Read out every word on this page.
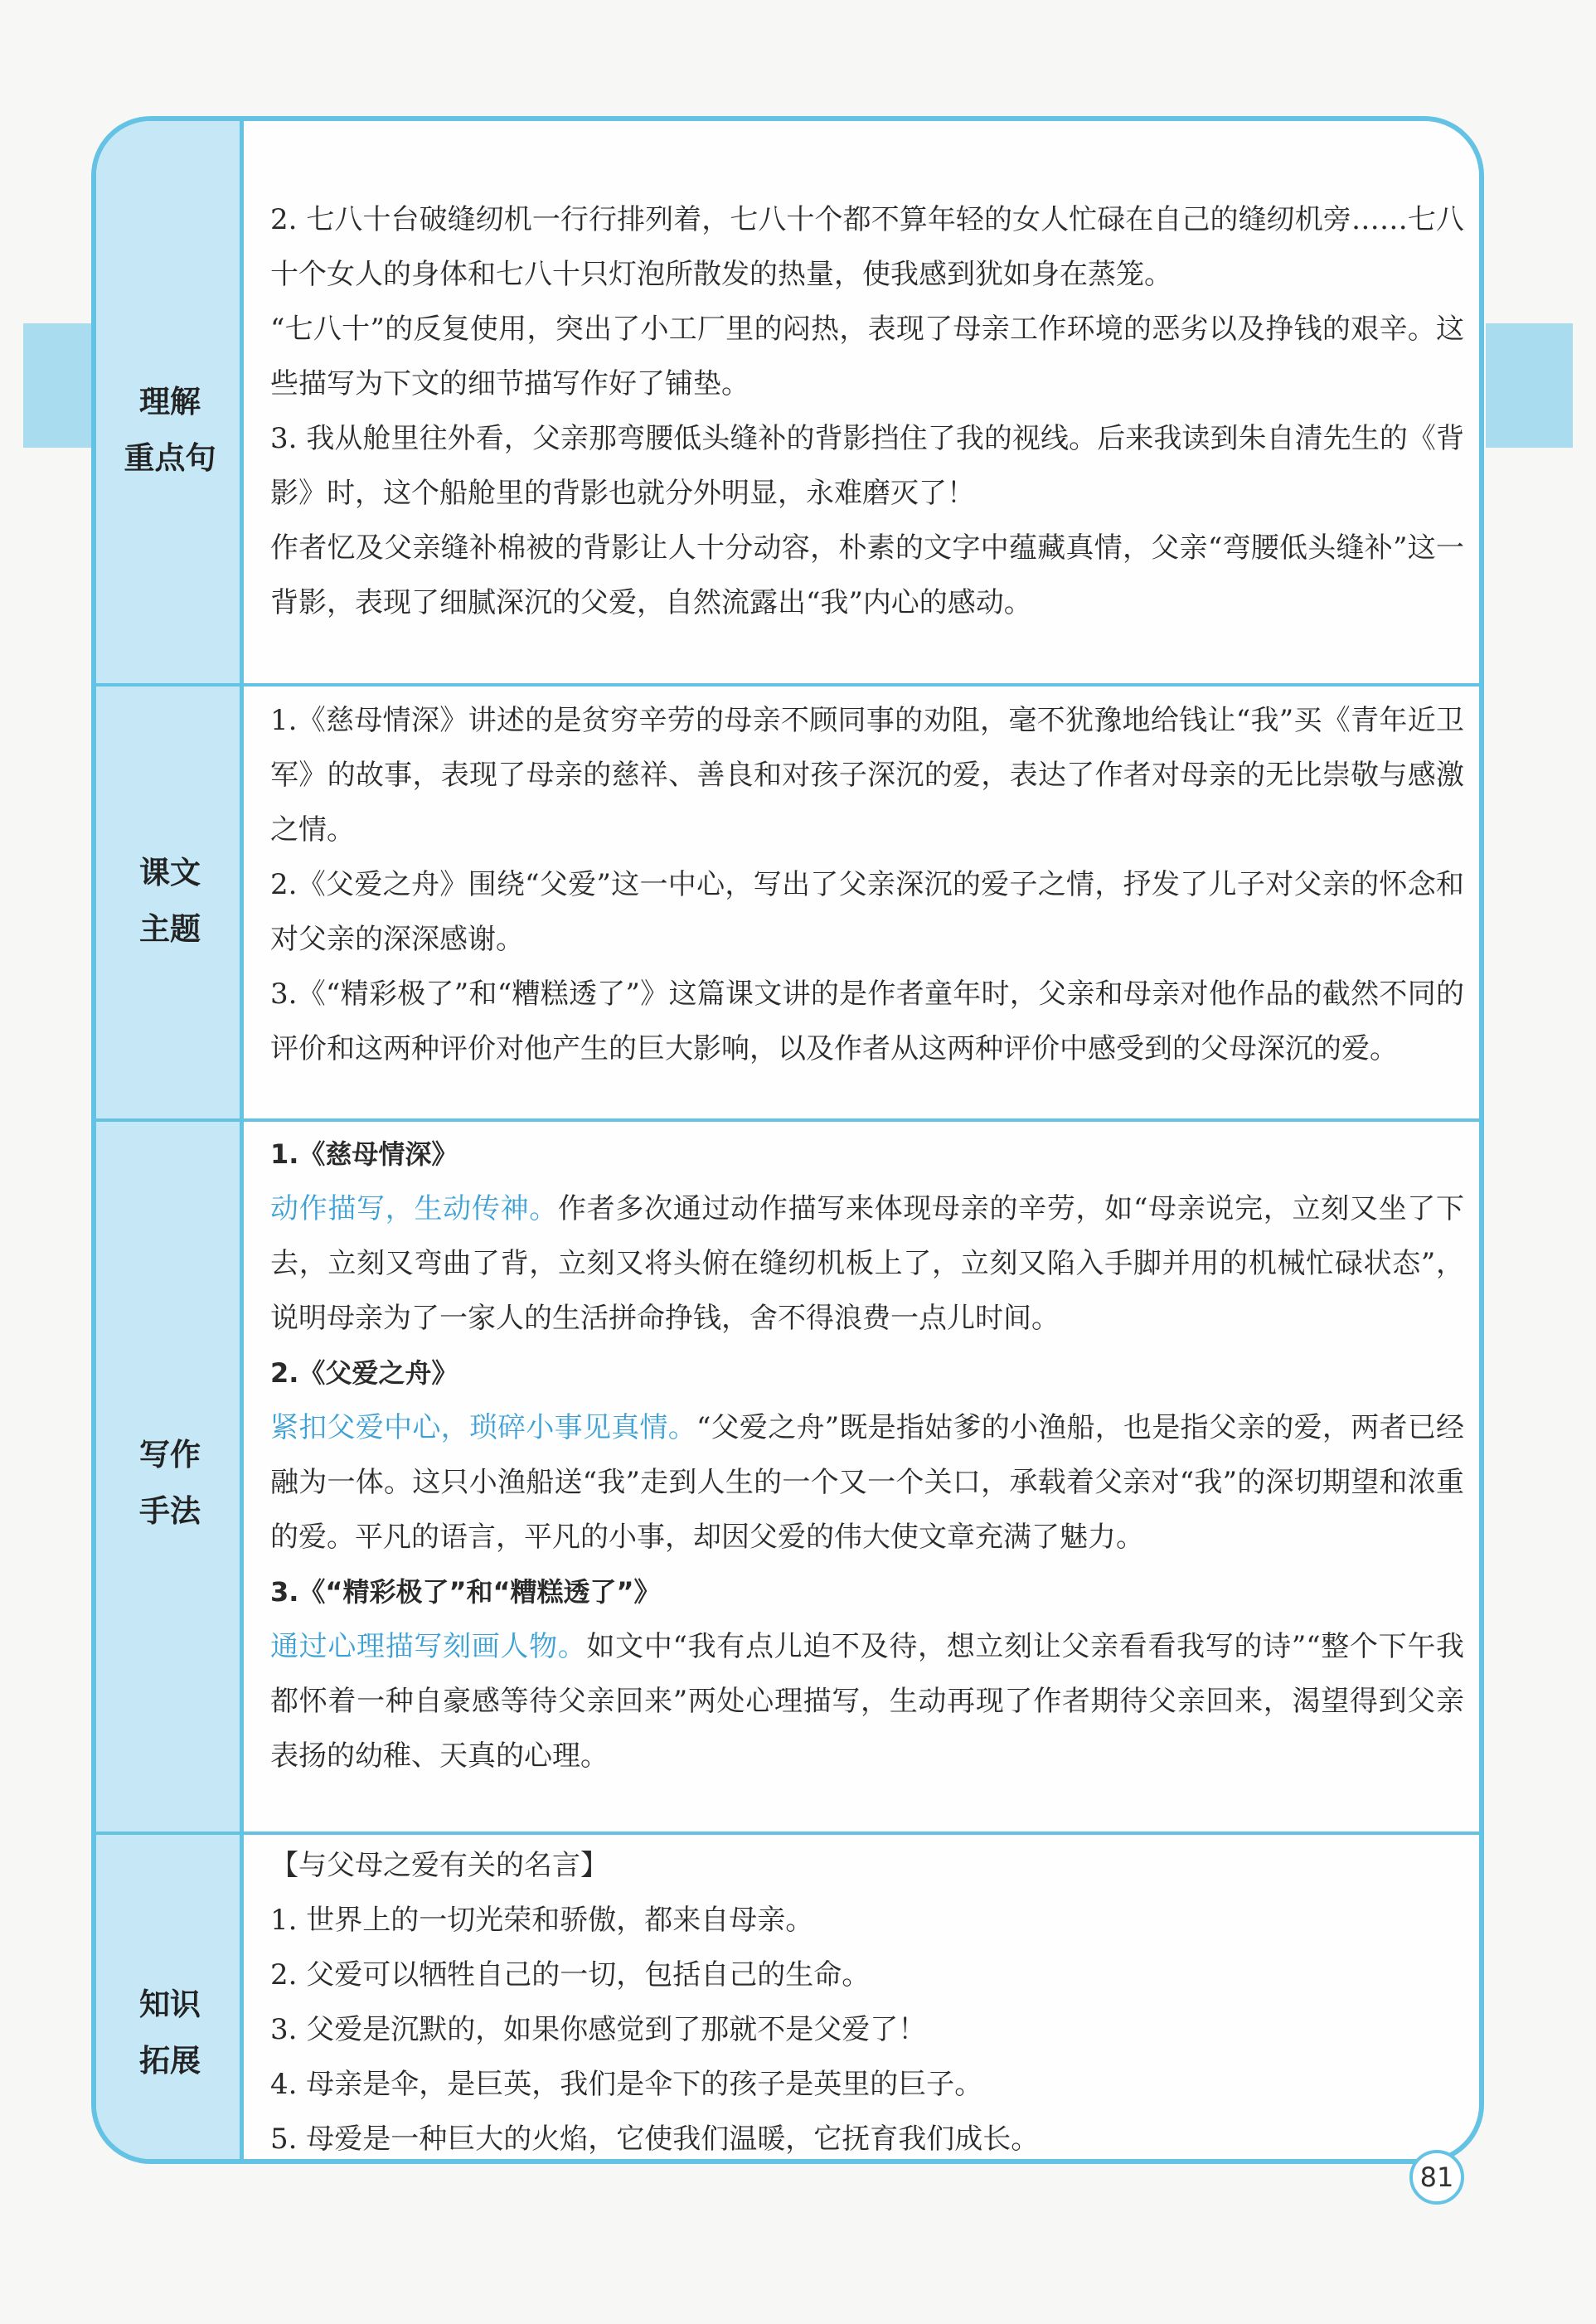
理解
重点句

2. 七八十台破缝纫机一行行排列着，七八十个都不算年轻的女人忙碌在自己的缝纫机旁……七八十个女人的身体和七八十只灯泡所散发的热量，使我感到犹如身在蒸笼。

“七八十”的反复使用，突出了小工厂里的闷热，表现了母亲工作环境的恶劣以及挣钱的艰辛。这些描写为下文的细节描写作好了铺垫。

3. 我从舱里往外看，父亲那弯腰低头缝补的背影挡住了我的视线。后来我读到朱自清先生的《背影》时，这个船舱里的背影也就分外明显，永难磨灭了！

作者忆及父亲缝补棉被的背影让人十分动容，朴素的文字中蕴藏真情，父亲“弯腰低头缝补”这一背影，表现了细腻深沉的父爱，自然流露出“我”内心的感动。

课文
主题

1.《慈母情深》讲述的是贫穷辛劳的母亲不顾同事的劝阻，毫不犹豫地给钱让“我”买《青年近卫军》的故事，表现了母亲的慈祥、善良和对孩子深沉的爱，表达了作者对母亲的无比崇敬与感激之情。

2.《父爱之舟》围绕“父爱”这一中心，写出了父亲深沉的爱子之情，抒发了儿子对父亲的怀念和对父亲的深深感谢。

3.《“精彩极了”和“糟糕透了”》这篇课文讲的是作者童年时，父亲和母亲对他作品的截然不同的评价和这两种评价对他产生的巨大影响，以及作者从这两种评价中感受到的父母深沉的爱。

写作
手法

1.《慈母情深》

动作描写，生动传神。作者多次通过动作描写来体现母亲的辛劳，如“母亲说完，立刻又坐了下去，立刻又弯曲了背，立刻又将头俯在缝纫机板上了，立刻又陷入手脚并用的机械忙碌状态”，说明母亲为了一家人的生活拼命挣钱，舍不得浪费一点儿时间。

2.《父爱之舟》

紧扣父爱中心，琐碎小事见真情。“父爱之舟”既是指姑爹的小渔船，也是指父亲的爱，两者已经融为一体。这只小渔船送“我”走到人生的一个又一个关口，承载着父亲对“我”的深切期望和浓重的爱。平凡的语言，平凡的小事，却因父爱的伟大使文章充满了魅力。

3.《“精彩极了”和“糟糕透了”》

通过心理描写刻画人物。如文中“我有点儿迫不及待，想立刻让父亲看看我写的诗”“整个下午我都怀着一种自豪感等待父亲回来”两处心理描写，生动再现了作者期待父亲回来，渴望得到父亲表扬的幼稚、天真的心理。

知识
拓展

【与父母之爱有关的名言】

1. 世界上的一切光荣和骄傲，都来自母亲。

2. 父爱可以牺牲自己的一切，包括自己的生命。

3. 父爱是沉默的，如果你感觉到了那就不是父爱了！

4. 母亲是伞，是巨英，我们是伞下的孩子是英里的巨子。

5. 母爱是一种巨大的火焰，它使我们温暖，它抚育我们成长。

81
